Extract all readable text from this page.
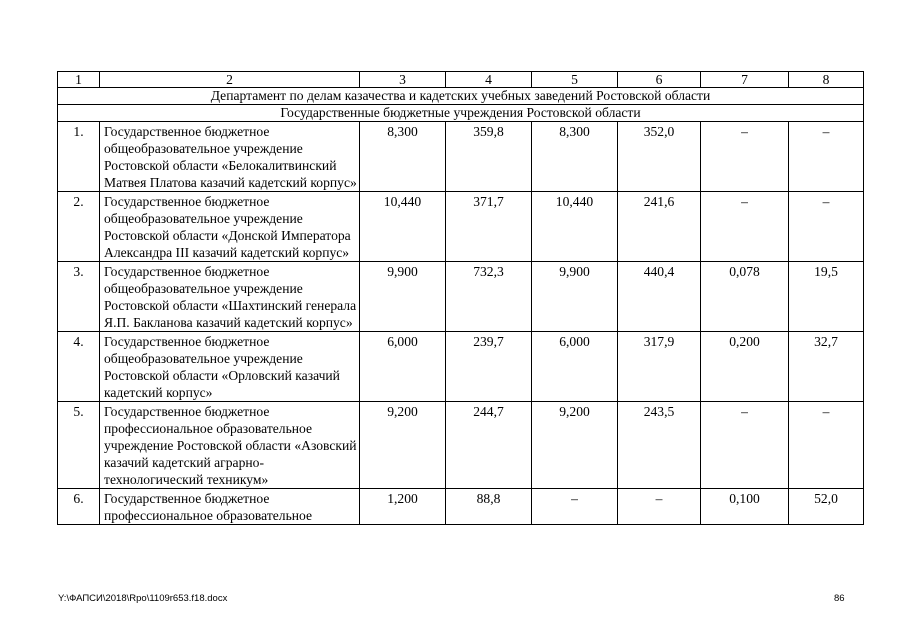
1	2	3	4	5	6	7	8
Департамент по делам казачества и кадетских учебных заведений Ростовской области							
Государственные бюджетные учреждения Ростовской области							
1.	Государственное бюджетное общеобразовательное учреждение Ростовской области «Белокалитвинский Матвея Платова казачий кадетский корпус»	8,300	359,8	8,300	352,0	–	–
2.	Государственное бюджетное общеобразовательное учреждение Ростовской области «Донской Императора Александра III казачий кадетский корпус»	10,440	371,7	10,440	241,6	–	–
3.	Государственное бюджетное общеобразовательное учреждение Ростовской области «Шахтинский генерала Я.П. Бакланова казачий кадетский корпус»	9,900	732,3	9,900	440,4	0,078	19,5
4.	Государственное бюджетное общеобразовательное учреждение Ростовской области «Орловский казачий кадетский корпус»	6,000	239,7	6,000	317,9	0,200	32,7
5.	Государственное бюджетное профессиональное образовательное учреждение Ростовской области «Азовский казачий кадетский аграрно-технологический техникум»	9,200	244,7	9,200	243,5	–	–
6.	Государственное бюджетное профессиональное образовательное	1,200	88,8	–	–	0,100	52,0
Y:\ФАПСИ\2018\Rpo\1109r653.f18.docx	86
